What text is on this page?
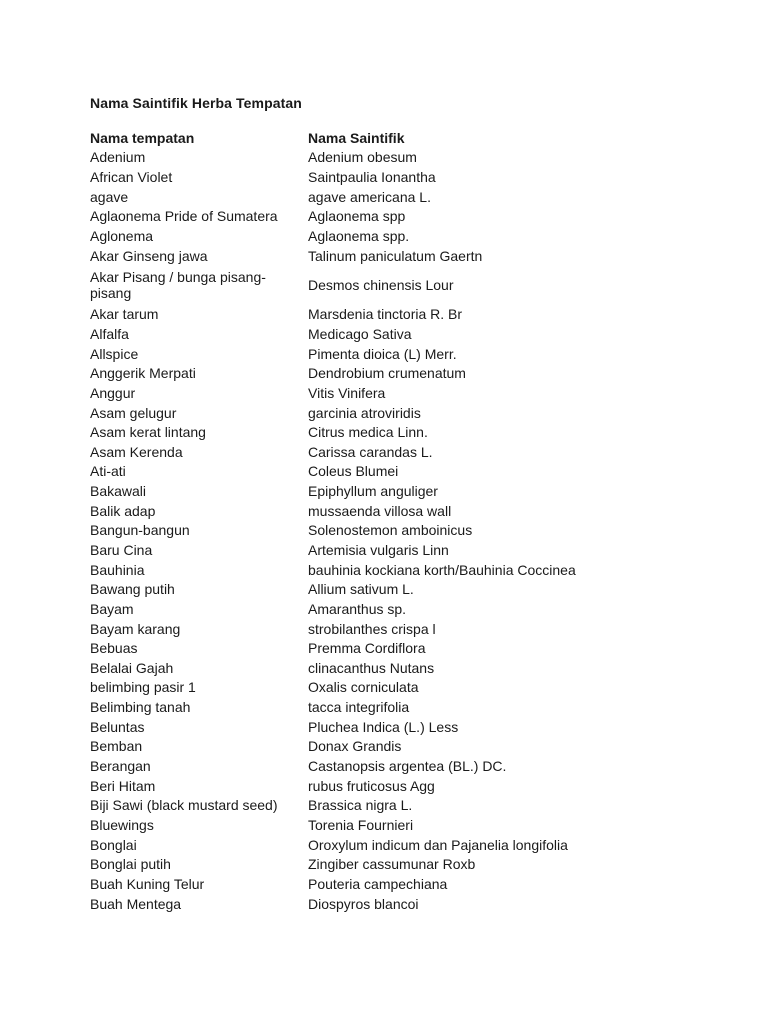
Nama Saintifik Herba Tempatan
Nama tempatan	Nama Saintifik
Adenium	Adenium obesum
African Violet	Saintpaulia Ionantha
agave	agave americana L.
Aglaonema Pride of Sumatera	Aglaonema spp
Aglonema	Aglaonema spp.
Akar Ginseng jawa	Talinum paniculatum Gaertn
Akar Pisang / bunga pisang-pisang	Desmos chinensis Lour
Akar tarum	Marsdenia tinctoria R. Br
Alfalfa	Medicago Sativa
Allspice	Pimenta dioica (L) Merr.
Anggerik Merpati	Dendrobium crumenatum
Anggur	Vitis Vinifera
Asam gelugur	garcinia atroviridis
Asam kerat lintang	Citrus medica Linn.
Asam Kerenda	Carissa carandas L.
Ati-ati	Coleus Blumei
Bakawali	Epiphyllum anguliger
Balik adap	mussaenda villosa wall
Bangun-bangun	Solenostemon amboinicus
Baru Cina	Artemisia vulgaris Linn
Bauhinia	bauhinia kockiana korth/Bauhinia Coccinea
Bawang putih	Allium sativum L.
Bayam	Amaranthus sp.
Bayam karang	strobilanthes crispa l
Bebuas	Premma Cordiflora
Belalai Gajah	clinacanthus Nutans
belimbing pasir 1	Oxalis corniculata
Belimbing tanah	tacca integrifolia
Beluntas	Pluchea Indica (L.) Less
Bemban	Donax Grandis
Berangan	Castanopsis argentea (BL.) DC.
Beri Hitam	rubus fruticosus Agg
Biji Sawi (black mustard seed)	Brassica nigra L.
Bluewings	Torenia Fournieri
Bonglai	Oroxylum indicum dan Pajanelia longifolia
Bonglai putih	Zingiber cassumunar Roxb
Buah Kuning Telur	Pouteria campechiana
Buah Mentega	Diospyros blancoi
